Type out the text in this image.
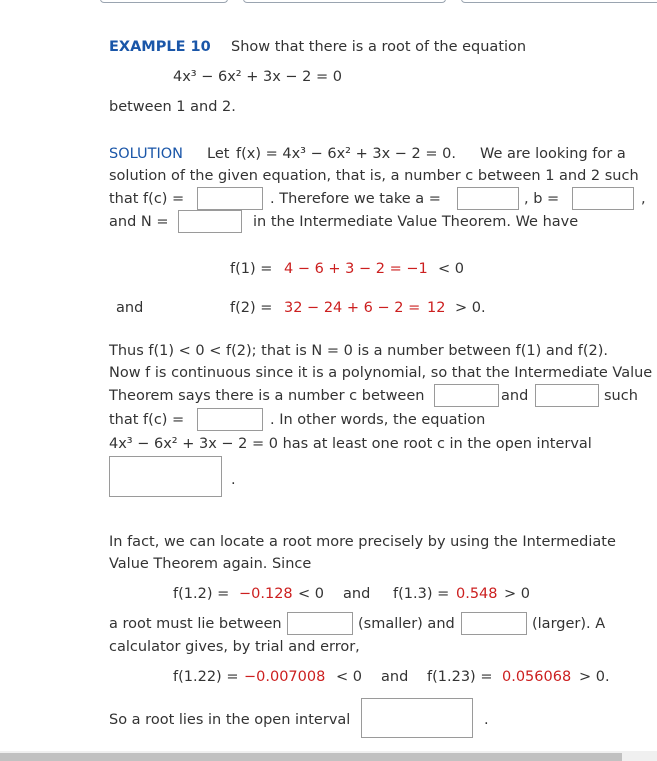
EXAMPLE 10 Show that there is a root of the equation
4x³ − 6x² + 3x − 2 = 0
between 1 and 2.
SOLUTION Let f(x) = 4x³ − 6x² + 3x − 2 = 0. We are looking for a
solution of the given equation, that is, a number c between 1 and 2 such
that f(c) =	. Therefore we take a =	, b =	,
and N =	in the Intermediate Value Theorem. We have
f(1) = 4 − 6 + 3 − 2 = −1 < 0
and	f(2) = 32 − 24 + 6 − 2 = 12 > 0.
Thus f(1) < 0 < f(2); that is N = 0 is a number between f(1) and f(2).
Now f is continuous since it is a polynomial, so that the Intermediate Value
Theorem says there is a number c between	and	such
that f(c) =	. In other words, the equation
4x³ − 6x² + 3x − 2 = 0 has at least one root c in the open interval
.
In fact, we can locate a root more precisely by using the Intermediate
Value Theorem again. Since
f(1.2) = −0.128 < 0 and f(1.3) = 0.548 > 0
a root must lie between	(smaller) and	(larger). A
calculator gives, by trial and error,
f(1.22) = −0.007008 < 0 and f(1.23) = 0.056068 > 0.
So a root lies in the open interval	.
